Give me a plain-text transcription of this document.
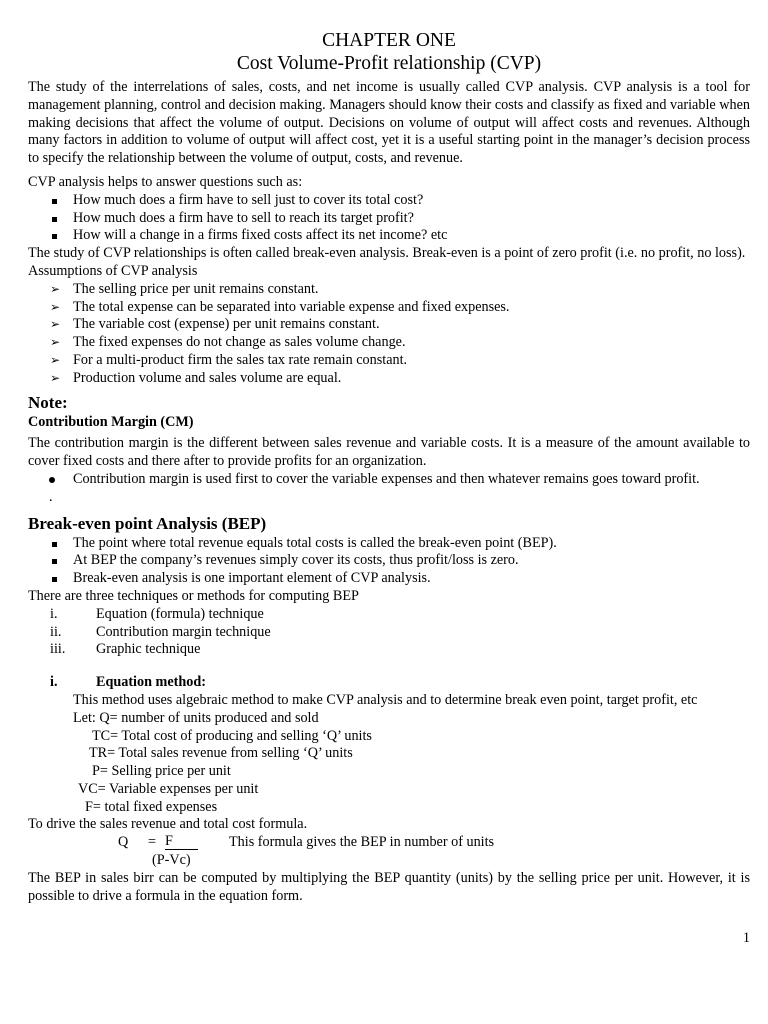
CHAPTER ONE
Cost Volume-Profit relationship (CVP)

The study of the interrelations of sales, costs, and net income is usually called CVP analysis. CVP analysis is a tool for management planning, control and decision making. Managers should know their costs and classify as fixed and variable when making decisions that affect the volume of output. Decisions on volume of output will affect costs and revenues. Although many factors in addition to volume of output will affect cost, yet it is a useful starting point in the manager’s decision process to specify the relationship between the volume of output, costs, and revenue.

CVP analysis helps to answer questions such as:

How much does a firm have to sell just to cover its total cost?
How much does a firm have to sell to reach its target profit?
How will a change in a firms fixed costs affect its net income? etc

The study of CVP relationships is often called break-even analysis. Break-even is a point of zero profit (i.e. no profit, no loss).

Assumptions of CVP analysis

➢ The selling price per unit remains constant.
➢ The total expense can be separated into variable expense and fixed expenses.
➢ The variable cost (expense) per unit remains constant.
➢ The fixed expenses do not change as sales volume change.
➢ For a multi-product firm the sales tax rate remain constant.
➢ Production volume and sales volume are equal.
Note:
Contribution Margin (CM)

The contribution margin is the different between sales revenue and variable costs. It is a measure of the amount available to cover fixed costs and there after to provide profits for an organization.

Contribution margin is used first to cover the variable expenses and then whatever remains goes toward profit.

.

Break-even point Analysis (BEP)
The point where total revenue equals total costs is called the break-even point (BEP).
At BEP the company’s revenues simply cover its costs, thus profit/loss is zero.
Break-even analysis is one important element of CVP analysis.

There are three techniques or methods for computing BEP

i.	Equation (formula) technique
ii. Contribution margin technique
iii. Graphic technique
i.	Equation method:

This method uses algebraic method to make CVP analysis and to determine break even point, target profit, etc

Let: Q= number of units produced and sold

TC= Total cost of producing and selling ‘Q’ units

TR= Total sales revenue from selling ‘Q’ units

P= Selling price per unit

VC= Variable expenses per unit

F= total fixed expenses

To drive the sales revenue and total cost formula.

Q = F	This formula gives the BEP in number of units
(P-Vc)

The BEP in sales birr can be computed by multiplying the BEP quantity (units) by the selling price per unit. However, it is possible to drive a formula in the equation form.

1
